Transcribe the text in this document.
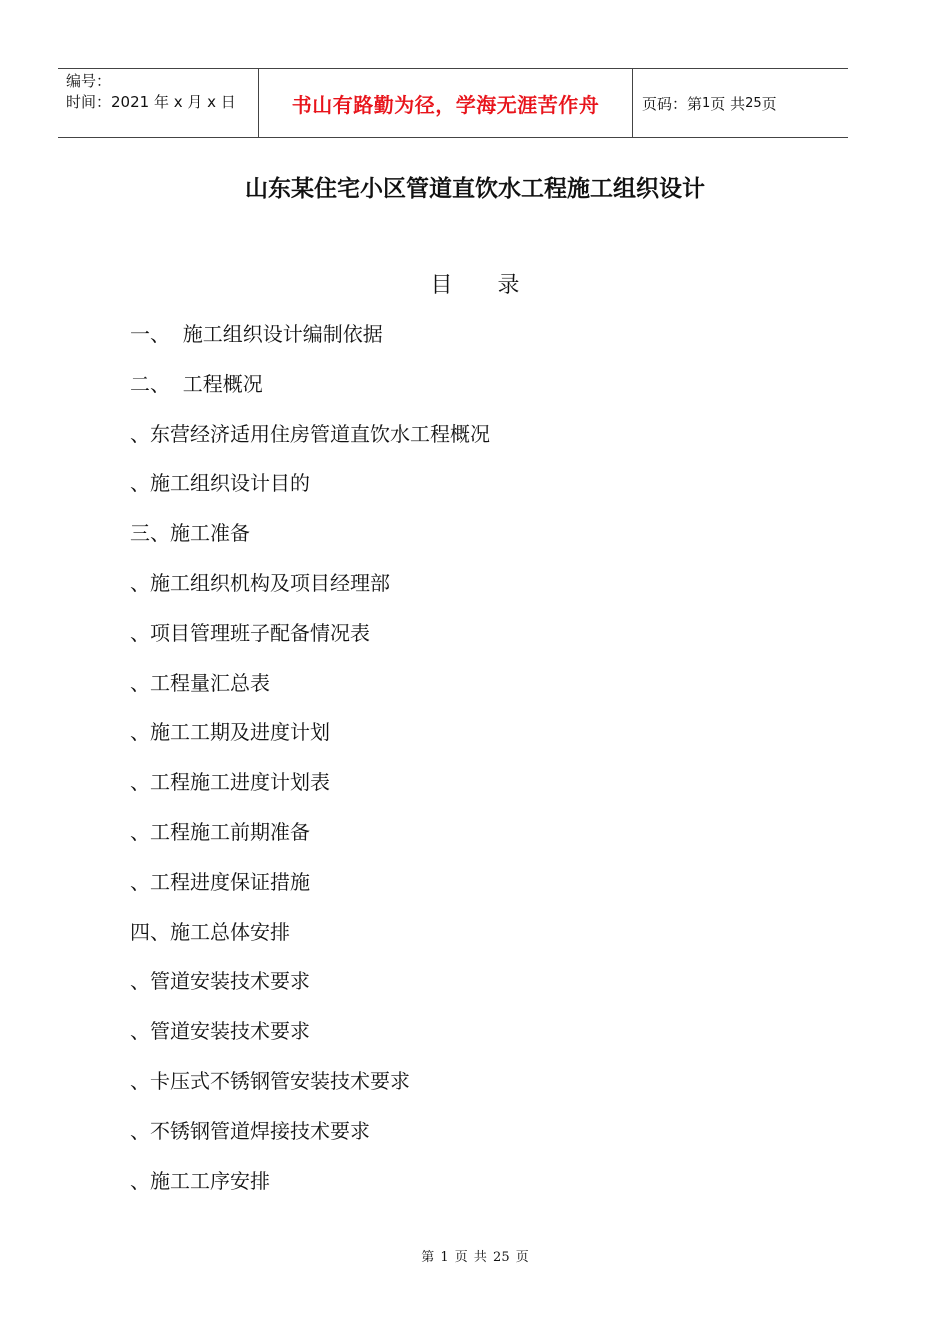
编号：
时间：2021 年 x 月 x 日	书山有路勤为径，学海无涯苦作舟	页码：第 1 页 共 25 页
山东某住宅小区管道直饮水工程施工组织设计
目 录
一、  施工组织设计编制依据
二、  工程概况
、东营经济适用住房管道直饮水工程概况
、施工组织设计目的
三、施工准备
、施工组织机构及项目经理部
、项目管理班子配备情况表
、工程量汇总表
、施工工期及进度计划
、工程施工进度计划表
、工程施工前期准备
、工程进度保证措施
四、施工总体安排
、管道安装技术要求
、管道安装技术要求
、卡压式不锈钢管安装技术要求
、不锈钢管道焊接技术要求
、施工工序安排
第 1 页 共 25 页
